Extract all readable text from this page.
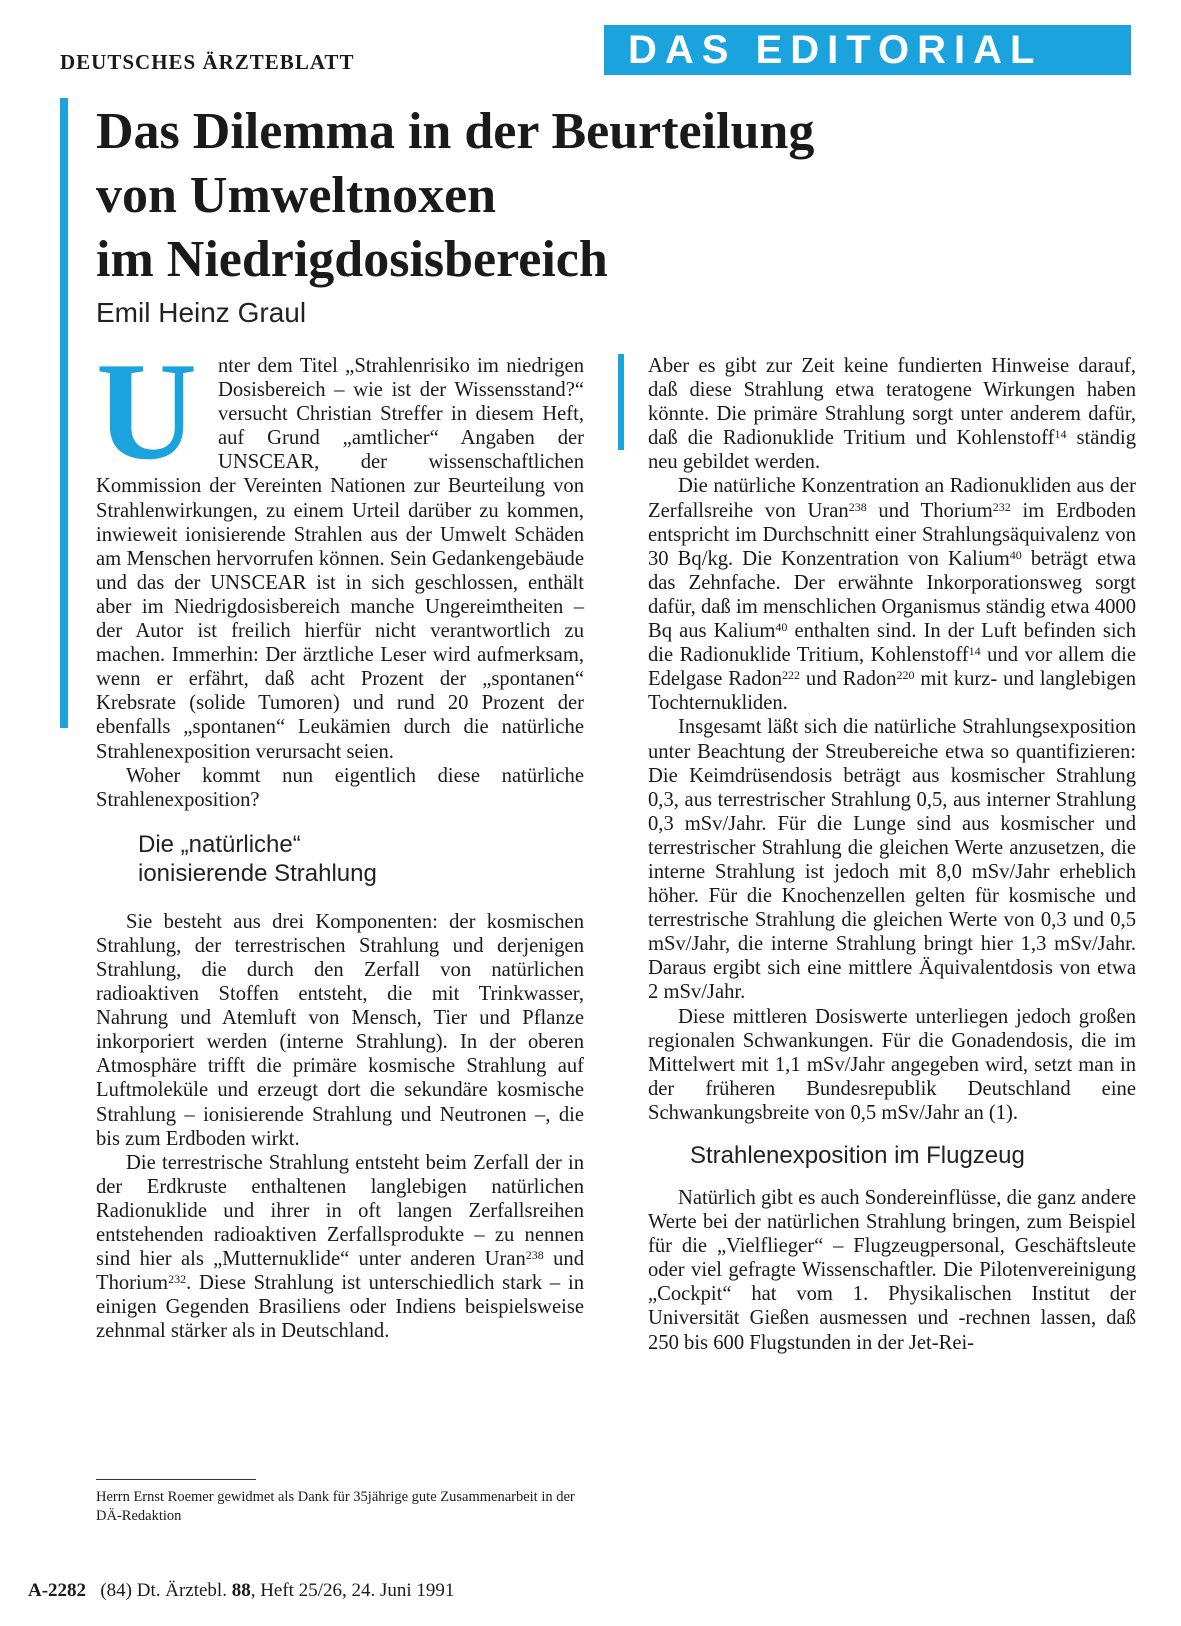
DEUTSCHES ÄRZTEBLATT	DAS EDITORIAL
Das Dilemma in der Beurteilung
von Umweltnoxen
im Niedrigdosisbereich
Emil Heinz Graul

U	nter dem Titel „Strahlenrisiko im niedrigen Dosisbereich – wie ist der Wissensstand?“ versucht Christian Streffer in diesem Heft, auf Grund „amtlicher“ Angaben der UNSCEAR, der wissenschaftlichen Kommission der Vereinten Nationen zur Beurteilung von Strahlenwirkungen, zu einem Urteil darüber zu kommen, inwieweit ionisierende Strahlen aus der Umwelt Schäden am Menschen hervorrufen können. Sein Gedankengebäude und das der UNSCEAR ist in sich geschlossen, enthält aber im Niedrigdosisbereich manche Ungereimtheiten – der Autor ist freilich hierfür nicht verantwortlich zu machen. Immerhin: Der ärztliche Leser wird aufmerksam, wenn er erfährt, daß acht Prozent der „spontanen“ Krebsrate (solide Tumoren) und rund 20 Prozent der ebenfalls „spontanen“ Leukämien durch die natürliche Strahlenexposition verursacht seien.

Woher kommt nun eigentlich diese natürliche Strahlenexposition?

Die „natürliche“
ionisierende Strahlung

Sie besteht aus drei Komponenten: der kosmischen Strahlung, der terrestrischen Strahlung und derjenigen Strahlung, die durch den Zerfall von natürlichen radioaktiven Stoffen entsteht, die mit Trinkwasser, Nahrung und Atemluft von Mensch, Tier und Pflanze inkorporiert werden (interne Strahlung). In der oberen Atmosphäre trifft die primäre kosmische Strahlung auf Luftmoleküle und erzeugt dort die sekundäre kosmische Strahlung – ionisierende Strahlung und Neutronen –, die bis zum Erdboden wirkt.

Die terrestrische Strahlung entsteht beim Zerfall der in der Erdkruste enthaltenen langlebigen natürlichen Radionuklide und ihrer in oft langen Zerfallsreihen entstehenden radioaktiven Zerfallsprodukte – zu nennen sind hier als „Mutternuklide“ unter anderen Uran$^{238}$ und Thorium$^{232}$. Diese Strahlung ist unterschiedlich stark – in einigen Gegenden Brasiliens oder Indiens beispielsweise zehnmal stärker als in Deutschland.

Aber es gibt zur Zeit keine fundierten Hinweise darauf, daß diese Strahlung etwa teratogene Wirkungen haben könnte. Die primäre Strahlung sorgt unter anderem dafür, daß die Radionuklide Tritium und Kohlenstoff$^{14}$ ständig neu gebildet werden.

Die natürliche Konzentration an Radionukliden aus der Zerfallsreihe von Uran$^{238}$ und Thorium$^{232}$ im Erdboden entspricht im Durchschnitt einer Strahlungsäquivalenz von 30 Bq/kg. Die Konzentration von Kalium$^{40}$ beträgt etwa das Zehnfache. Der erwähnte Inkorporationsweg sorgt dafür, daß im menschlichen Organismus ständig etwa 4000 Bq aus Kalium$^{40}$ enthalten sind. In der Luft befinden sich die Radionuklide Tritium, Kohlenstoff$^{14}$ und vor allem die Edelgase Radon$^{222}$ und Radon$^{220}$ mit kurz- und langlebigen Tochternukliden.

Insgesamt läßt sich die natürliche Strahlungsexposition unter Beachtung der Streubereiche etwa so quantifizieren: Die Keimdrüsendosis beträgt aus kosmischer Strahlung 0,3, aus terrestrischer Strahlung 0,5, aus interner Strahlung 0,3 mSv/Jahr. Für die Lunge sind aus kosmischer und terrestrischer Strahlung die gleichen Werte anzusetzen, die interne Strahlung ist jedoch mit 8,0 mSv/Jahr erheblich höher. Für die Knochenzellen gelten für kosmische und terrestrische Strahlung die gleichen Werte von 0,3 und 0,5 mSv/Jahr, die interne Strahlung bringt hier 1,3 mSv/Jahr. Daraus ergibt sich eine mittlere Äquivalentdosis von etwa 2 mSv/Jahr.

Diese mittleren Dosiswerte unterliegen jedoch großen regionalen Schwankungen. Für die Gonadendosis, die im Mittelwert mit 1,1 mSv/Jahr angegeben wird, setzt man in der früheren Bundesrepublik Deutschland eine Schwankungsbreite von 0,5 mSv/Jahr an (1).

Strahlenexposition im Flugzeug

Natürlich gibt es auch Sondereinflüsse, die ganz andere Werte bei der natürlichen Strahlung bringen, zum Beispiel für die „Vielflieger“ – Flugzeugpersonal, Geschäftsleute oder viel gefragte Wissenschaftler. Die Pilotenvereinigung „Cockpit“ hat vom 1. Physikalischen Institut der Universität Gießen ausmessen und -rechnen lassen, daß 250 bis 600 Flugstunden in der Jet-Rei-

Herrn Ernst Roemer gewidmet als Dank für 35jährige gute Zusammenarbeit in der DÄ-Redaktion
A-2282 (84) Dt. Ärztebl. 88, Heft 25/26, 24. Juni 1991
